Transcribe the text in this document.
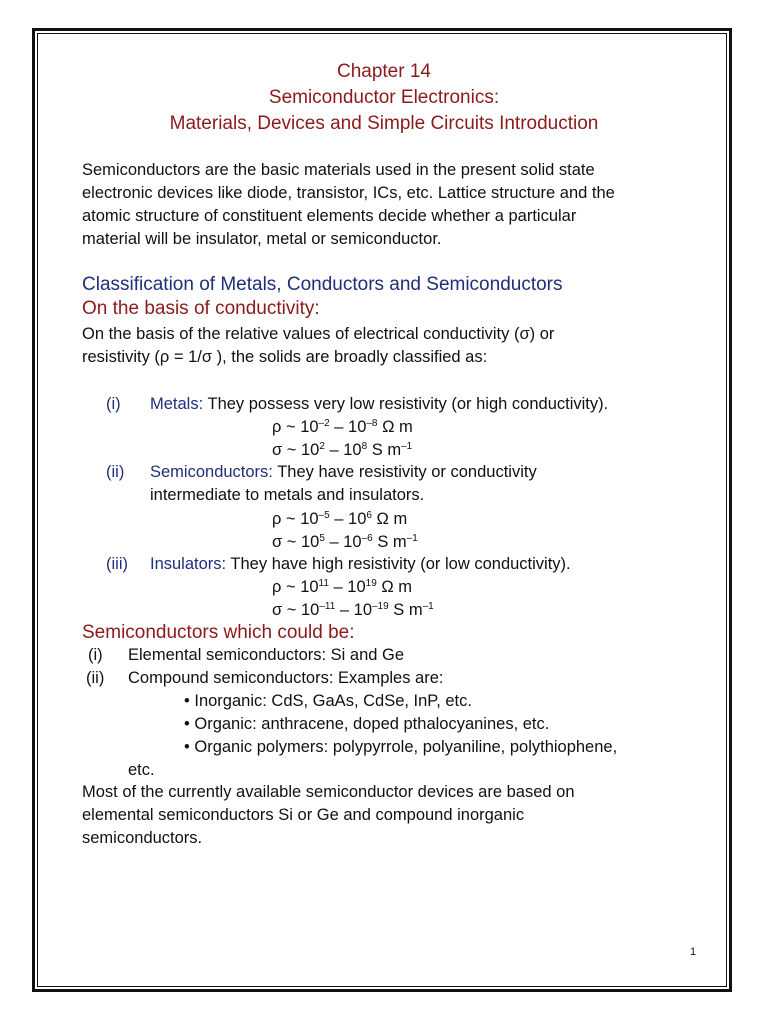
Chapter 14
Semiconductor Electronics:
Materials, Devices and Simple Circuits Introduction

Semiconductors are the basic materials used in the present solid state

electronic devices like diode, transistor, ICs, etc. Lattice structure and the

atomic structure of constituent elements decide whether a particular

material will be insulator, metal or semiconductor.

Classification of Metals, Conductors and Semiconductors
On the basis of conductivity:

On the basis of the relative values of electrical conductivity (σ) or

resistivity (ρ = 1/σ ), the solids are broadly classified as:

(i) Metals: They possess very low resistivity (or high conductivity).
ρ ~ $10^{-2} - 10^{-8}$ Ω m
σ ~ $10^2 - 10^8$ S $m^{-1}$
(ii) Semiconductors: They have resistivity or conductivity
intermediate to metals and insulators.
ρ ~ $10^{-5} - 10^6$ Ω m
σ ~ $10^5 - 10^{-6}$ S $m^{-1}$
(iii) Insulators: They have high resistivity (or low conductivity).
ρ ~ $10^{11} - 10^{19}$ Ω m
σ ~ $10^{-11} - 10^{-19}$ S $m^{-1}$
Semiconductors which could be:
(i) Elemental semiconductors: Si and Ge
(ii) Compound semiconductors: Examples are:
• Inorganic: CdS, GaAs, CdSe, InP, etc.
• Organic: anthracene, doped pthalocyanines, etc.
• Organic polymers: polypyrrole, polyaniline, polythiophene,
etc.

Most of the currently available semiconductor devices are based on

elemental semiconductors Si or Ge and compound inorganic

semiconductors.

1
